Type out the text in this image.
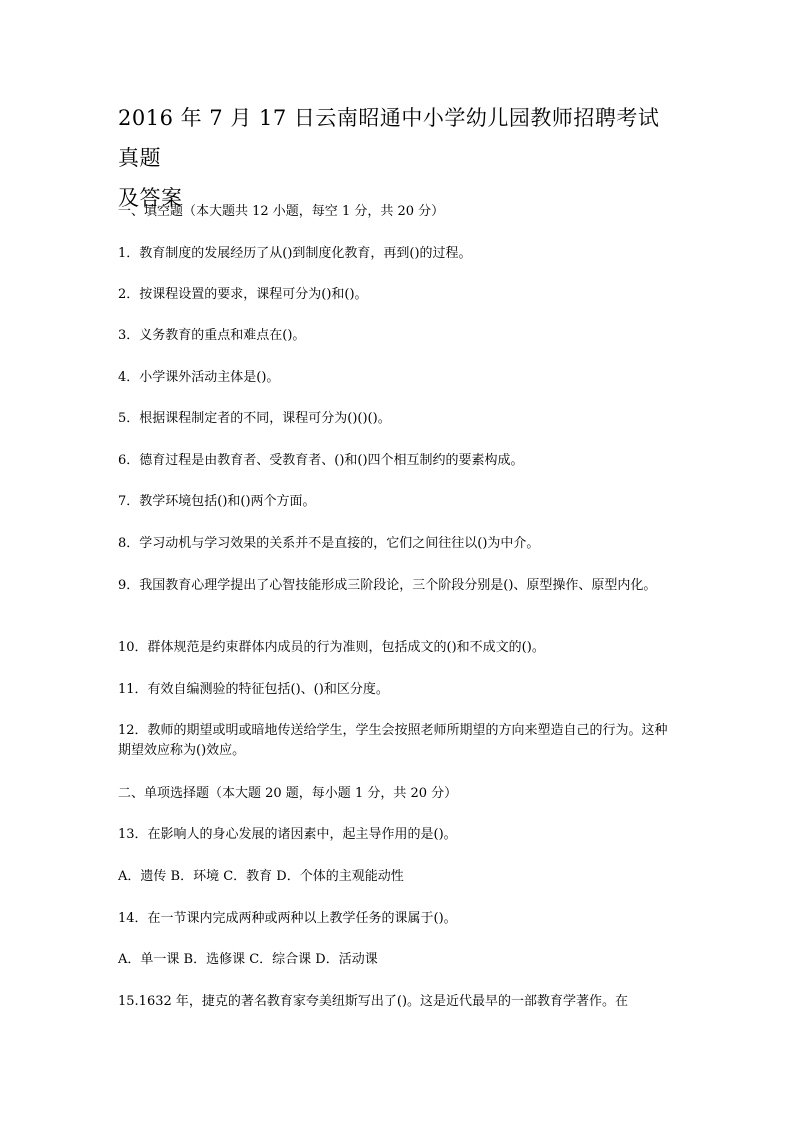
2016 年 7 月 17 日云南昭通中小学幼儿园教师招聘考试真题
及答案
一、填空题（本大题共 12 小题，每空 1 分，共 20 分）
1．教育制度的发展经历了从()到制度化教育，再到()的过程。
2．按课程设置的要求，课程可分为()和()。
3．义务教育的重点和难点在()。
4．小学课外活动主体是()。
5．根据课程制定者的不同，课程可分为()()()。
6．德育过程是由教育者、受教育者、()和()四个相互制约的要素构成。
7．教学环境包括()和()两个方面。
8．学习动机与学习效果的关系并不是直接的，它们之间往往以()为中介。
9．我国教育心理学提出了心智技能形成三阶段论，三个阶段分别是()、原型操作、原型内化。
10．群体规范是约束群体内成员的行为准则，包括成文的()和不成文的()。
11．有效自编测验的特征包括()、()和区分度。
12．教师的期望或明或暗地传送给学生，学生会按照老师所期望的方向来塑造自己的行为。这种期望效应称为()效应。
二、单项选择题（本大题 20 题，每小题 1 分，共 20 分）
13．在影响人的身心发展的诸因素中，起主导作用的是()。
A．遗传 B．环境 C．教育 D．个体的主观能动性
14．在一节课内完成两种或两种以上教学任务的课属于()。
A．单一课 B．选修课 C．综合课 D．活动课
15.1632 年，捷克的著名教育家夸美纽斯写出了()。这是近代最早的一部教育学著作。在
